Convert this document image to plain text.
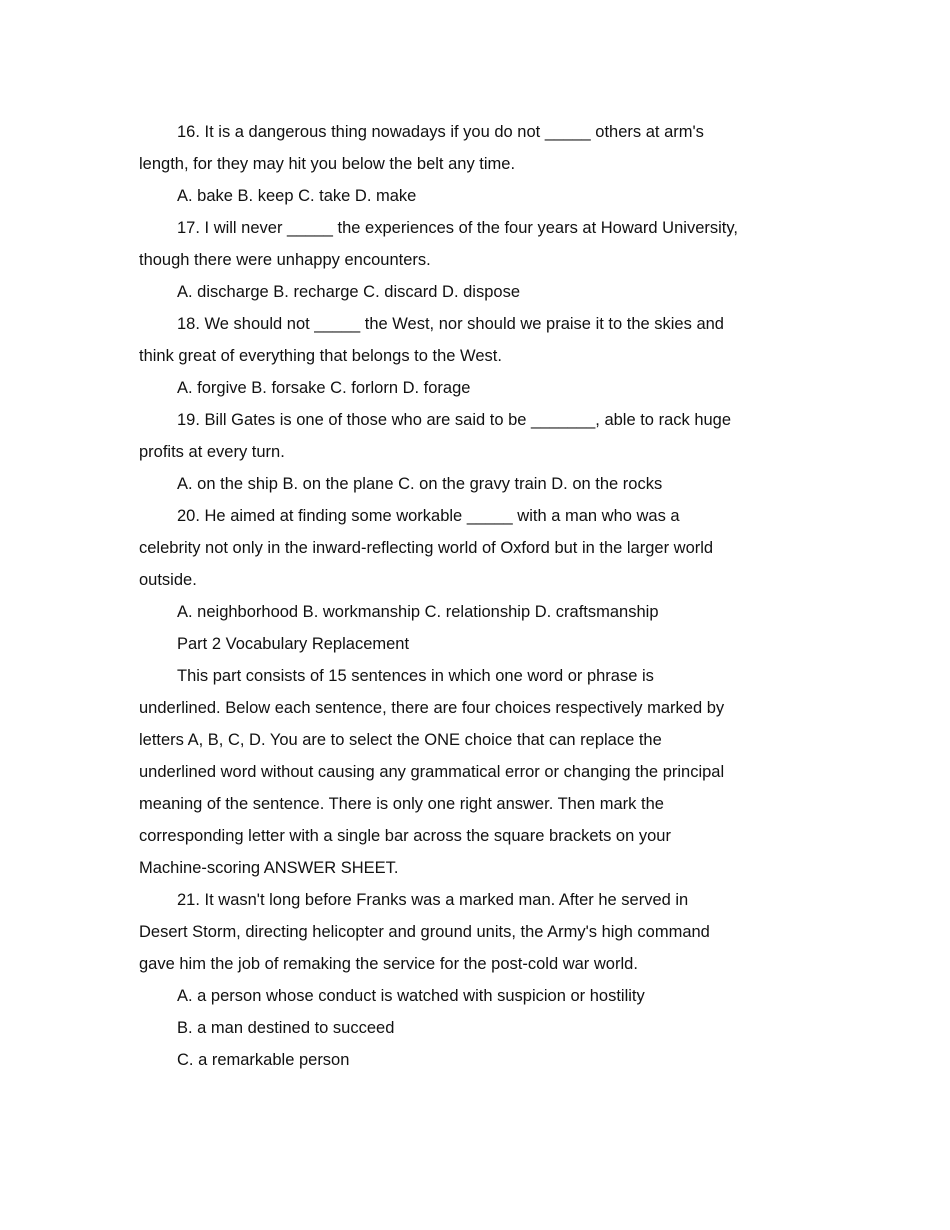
16. It is a dangerous thing nowadays if you do not _____ others at arm's length, for they may hit you below the belt any time.

A. bake B. keep C. take D. make

17. I will never _____ the experiences of the four years at Howard University, though there were unhappy encounters.

A. discharge B. recharge C. discard D. dispose

18. We should not _____ the West, nor should we praise it to the skies and think great of everything that belongs to the West.

A. forgive B. forsake C. forlorn D. forage

19. Bill Gates is one of those who are said to be _______, able to rack huge profits at every turn.

A. on the ship B. on the plane C. on the gravy train D. on the rocks

20. He aimed at finding some workable _____ with a man who was a celebrity not only in the inward-reflecting world of Oxford but in the larger world outside.

A. neighborhood B. workmanship C. relationship D. craftsmanship

Part 2 Vocabulary Replacement

This part consists of 15 sentences in which one word or phrase is underlined. Below each sentence, there are four choices respectively marked by letters A, B, C, D. You are to select the ONE choice that can replace the underlined word without causing any grammatical error or changing the principal meaning of the sentence. There is only one right answer. Then mark the corresponding letter with a single bar across the square brackets on your Machine-scoring ANSWER SHEET.

21. It wasn't long before Franks was a marked man. After he served in Desert Storm, directing helicopter and ground units, the Army's high command gave him the job of remaking the service for the post-cold war world.

A. a person whose conduct is watched with suspicion or hostility

B. a man destined to succeed

C. a remarkable person
